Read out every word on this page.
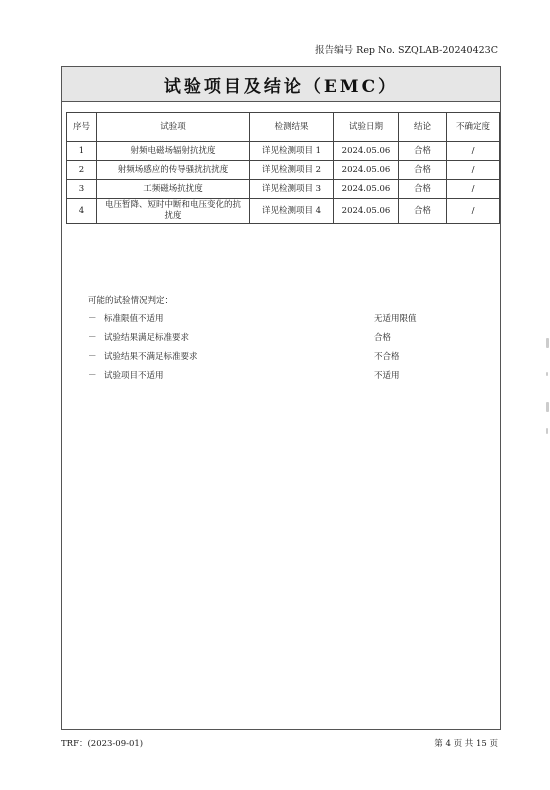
报告编号 Rep No. SZQLAB-20240423C
试验项目及结论（EMC）
序号	试验项	检测结果	试验日期	结论	不确定度
1	射频电磁场辐射抗扰度	详见检测项目 1	2024.05.06	合格	/
2	射频场感应的传导骚扰抗扰度	详见检测项目 2	2024.05.06	合格	/
3	工频磁场抗扰度	详见检测项目 3	2024.05.06	合格	/
4	电压暂降、短时中断和电压变化的抗扰度	详见检测项目 4	2024.05.06	合格	/
可能的试验情况判定：
－ 标准限值不适用	无适用限值
－ 试验结果满足标准要求	合格
－ 试验结果不满足标准要求	不合格
－ 试验项目不适用	不适用
TRF：(2023-09-01)	第 4 页 共 15 页
